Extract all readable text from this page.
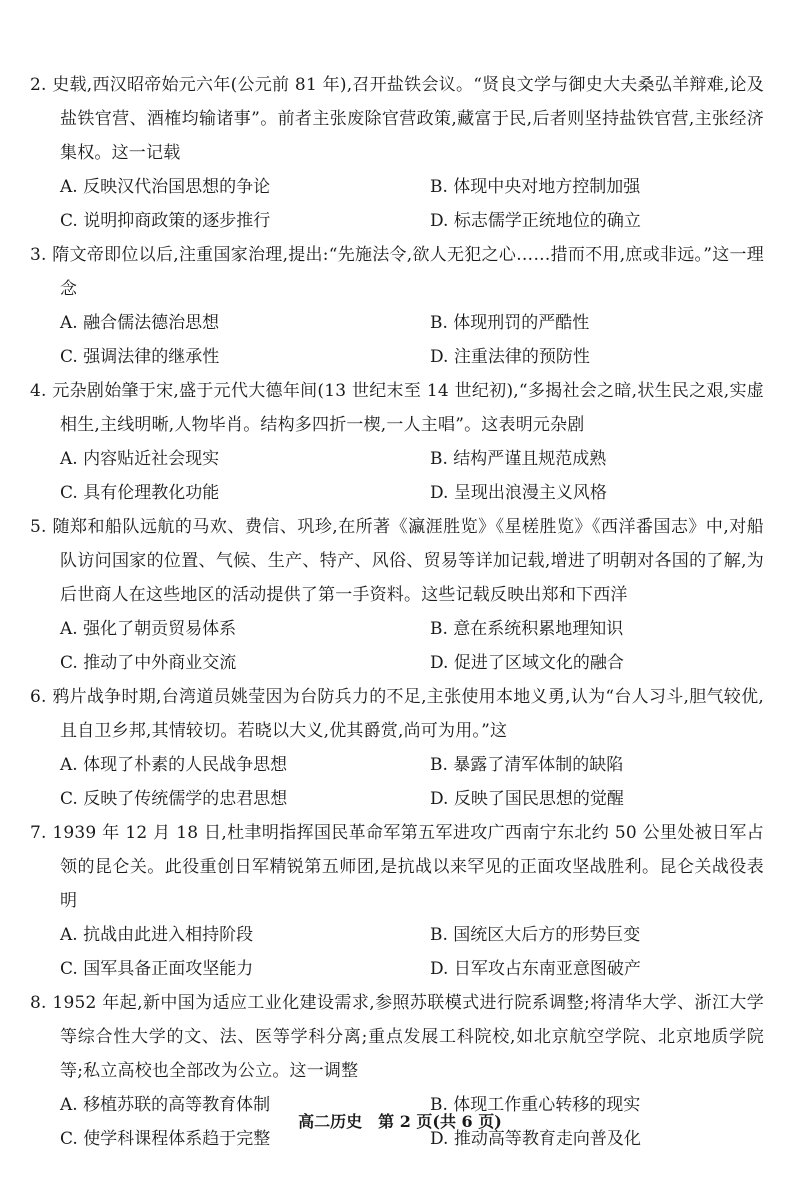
2. 史载,西汉昭帝始元六年(公元前 81 年),召开盐铁会议。“贤良文学与御史大夫桑弘羊辩难,论及盐铁官营、酒榷均输诸事”。前者主张废除官营政策,藏富于民,后者则坚持盐铁官营,主张经济集权。这一记载

A. 反映汉代治国思想的争论	B. 体现中央对地方控制加强
C. 说明抑商政策的逐步推行	D. 标志儒学正统地位的确立

3. 隋文帝即位以后,注重国家治理,提出:“先施法令,欲人无犯之心……措而不用,庶或非远。”这一理念

A. 融合儒法德治思想	B. 体现刑罚的严酷性
C. 强调法律的继承性	D. 注重法律的预防性

4. 元杂剧始肇于宋,盛于元代大德年间(13 世纪末至 14 世纪初),“多揭社会之暗,状生民之艰,实虚相生,主线明晰,人物毕肖。结构多四折一楔,一人主唱”。这表明元杂剧

A. 内容贴近社会现实	B. 结构严谨且规范成熟
C. 具有伦理教化功能	D. 呈现出浪漫主义风格

5. 随郑和船队远航的马欢、费信、巩珍,在所著《瀛涯胜览》《星槎胜览》《西洋番国志》中,对船队访问国家的位置、气候、生产、特产、风俗、贸易等详加记载,增进了明朝对各国的了解,为后世商人在这些地区的活动提供了第一手资料。这些记载反映出郑和下西洋

A. 强化了朝贡贸易体系	B. 意在系统积累地理知识
C. 推动了中外商业交流	D. 促进了区域文化的融合

6. 鸦片战争时期,台湾道员姚莹因为台防兵力的不足,主张使用本地义勇,认为“台人习斗,胆气较优,且自卫乡邦,其情较切。若晓以大义,优其爵赏,尚可为用。”这

A. 体现了朴素的人民战争思想	B. 暴露了清军体制的缺陷
C. 反映了传统儒学的忠君思想	D. 反映了国民思想的觉醒

7. 1939 年 12 月 18 日,杜聿明指挥国民革命军第五军进攻广西南宁东北约 50 公里处被日军占领的昆仑关。此役重创日军精锐第五师团,是抗战以来罕见的正面攻坚战胜利。昆仑关战役表明

A. 抗战由此进入相持阶段	B. 国统区大后方的形势巨变
C. 国军具备正面攻坚能力	D. 日军攻占东南亚意图破产

8. 1952 年起,新中国为适应工业化建设需求,参照苏联模式进行院系调整;将清华大学、浙江大学等综合性大学的文、法、医等学科分离;重点发展工科院校,如北京航空学院、北京地质学院等;私立高校也全部改为公立。这一调整

A. 移植苏联的高等教育体制	B. 体现工作重心转移的现实
C. 使学科课程体系趋于完整	D. 推动高等教育走向普及化
高二历史　第 2 页(共 6 页)
